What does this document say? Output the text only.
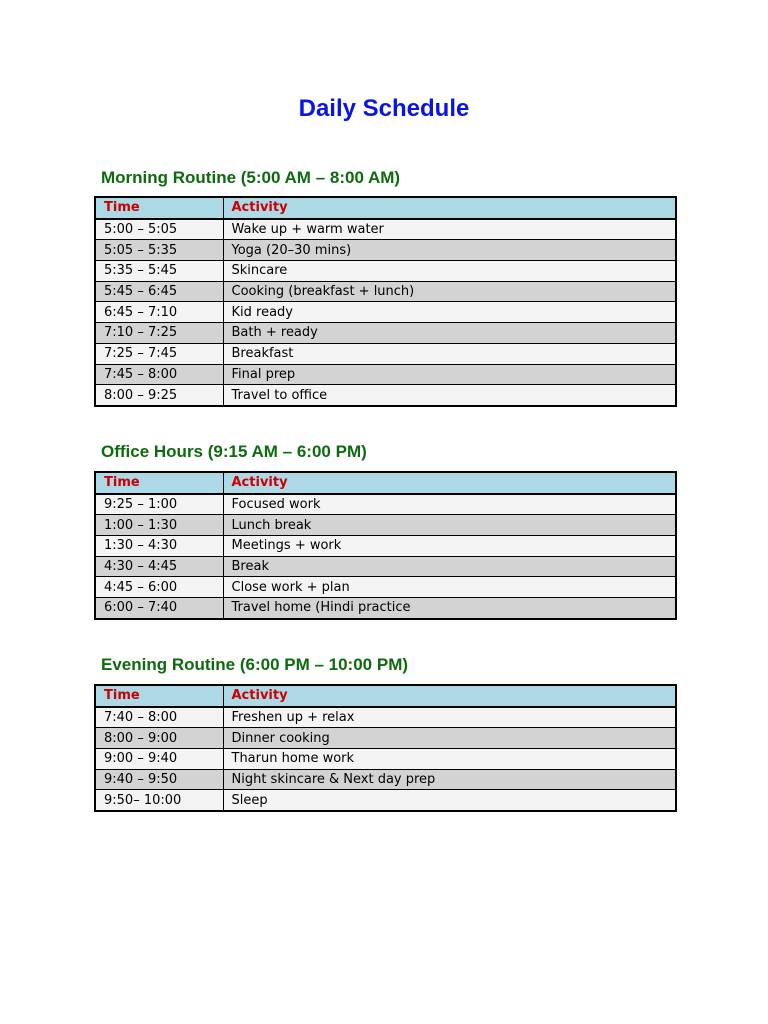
Daily Schedule
Morning Routine (5:00 AM – 8:00 AM)
Time	Activity
5:00 – 5:05	Wake up + warm water
5:05 – 5:35	Yoga (20–30 mins)
5:35 – 5:45	Skincare
5:45 – 6:45	Cooking (breakfast + lunch)
6:45 – 7:10	Kid ready
7:10 – 7:25	Bath + ready
7:25 – 7:45	Breakfast
7:45 – 8:00	Final prep
8:00 – 9:25	Travel to office
Office Hours (9:15 AM – 6:00 PM)
Time	Activity
9:25 – 1:00	Focused work
1:00 – 1:30	Lunch break
1:30 – 4:30	Meetings + work
4:30 – 4:45	Break
4:45 – 6:00	Close work + plan
6:00 – 7:40	Travel home (Hindi practice
Evening Routine (6:00 PM – 10:00 PM)
Time	Activity
7:40 – 8:00	Freshen up + relax
8:00 – 9:00	Dinner cooking
9:00 – 9:40	Tharun home work
9:40 – 9:50	Night skincare & Next day prep
9:50– 10:00	Sleep
